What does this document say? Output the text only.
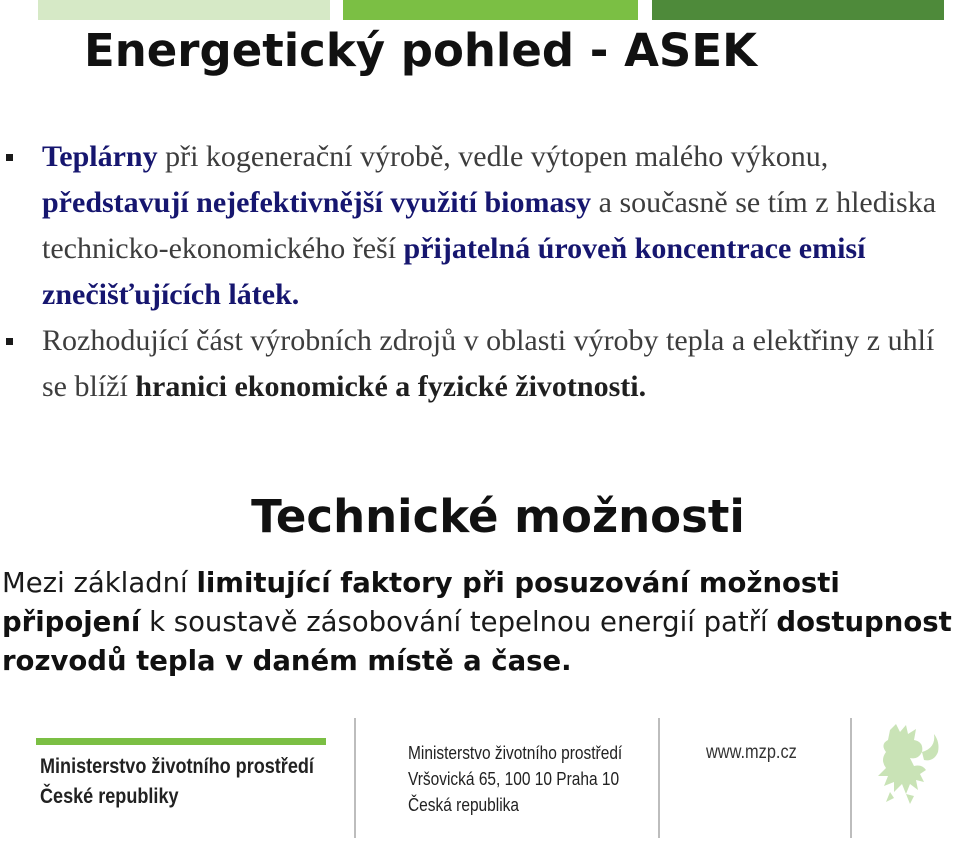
Energetický pohled - ASEK

Teplárny při kogenerační výrobě, vedle výtopen malého výkonu, představují nejefektivnější využití biomasy a současně se tím z hlediska technicko-ekonomického řeší přijatelná úroveň koncentrace emisí znečišťujících látek.

Rozhodující část výrobních zdrojů v oblasti výroby tepla a elektřiny z uhlí se blíží hranici ekonomické a fyzické životnosti.

Technické možnosti

Mezi základní limitující faktory při posuzování možnosti připojení k soustavě zásobování tepelnou energií patří dostupnost rozvodů tepla v daném místě a čase.

Ministerstvo životního prostředí
České republiky
Ministerstvo životního prostředí
Vršovická 65, 100 10 Praha 10
Česká republika
www.mzp.cz
